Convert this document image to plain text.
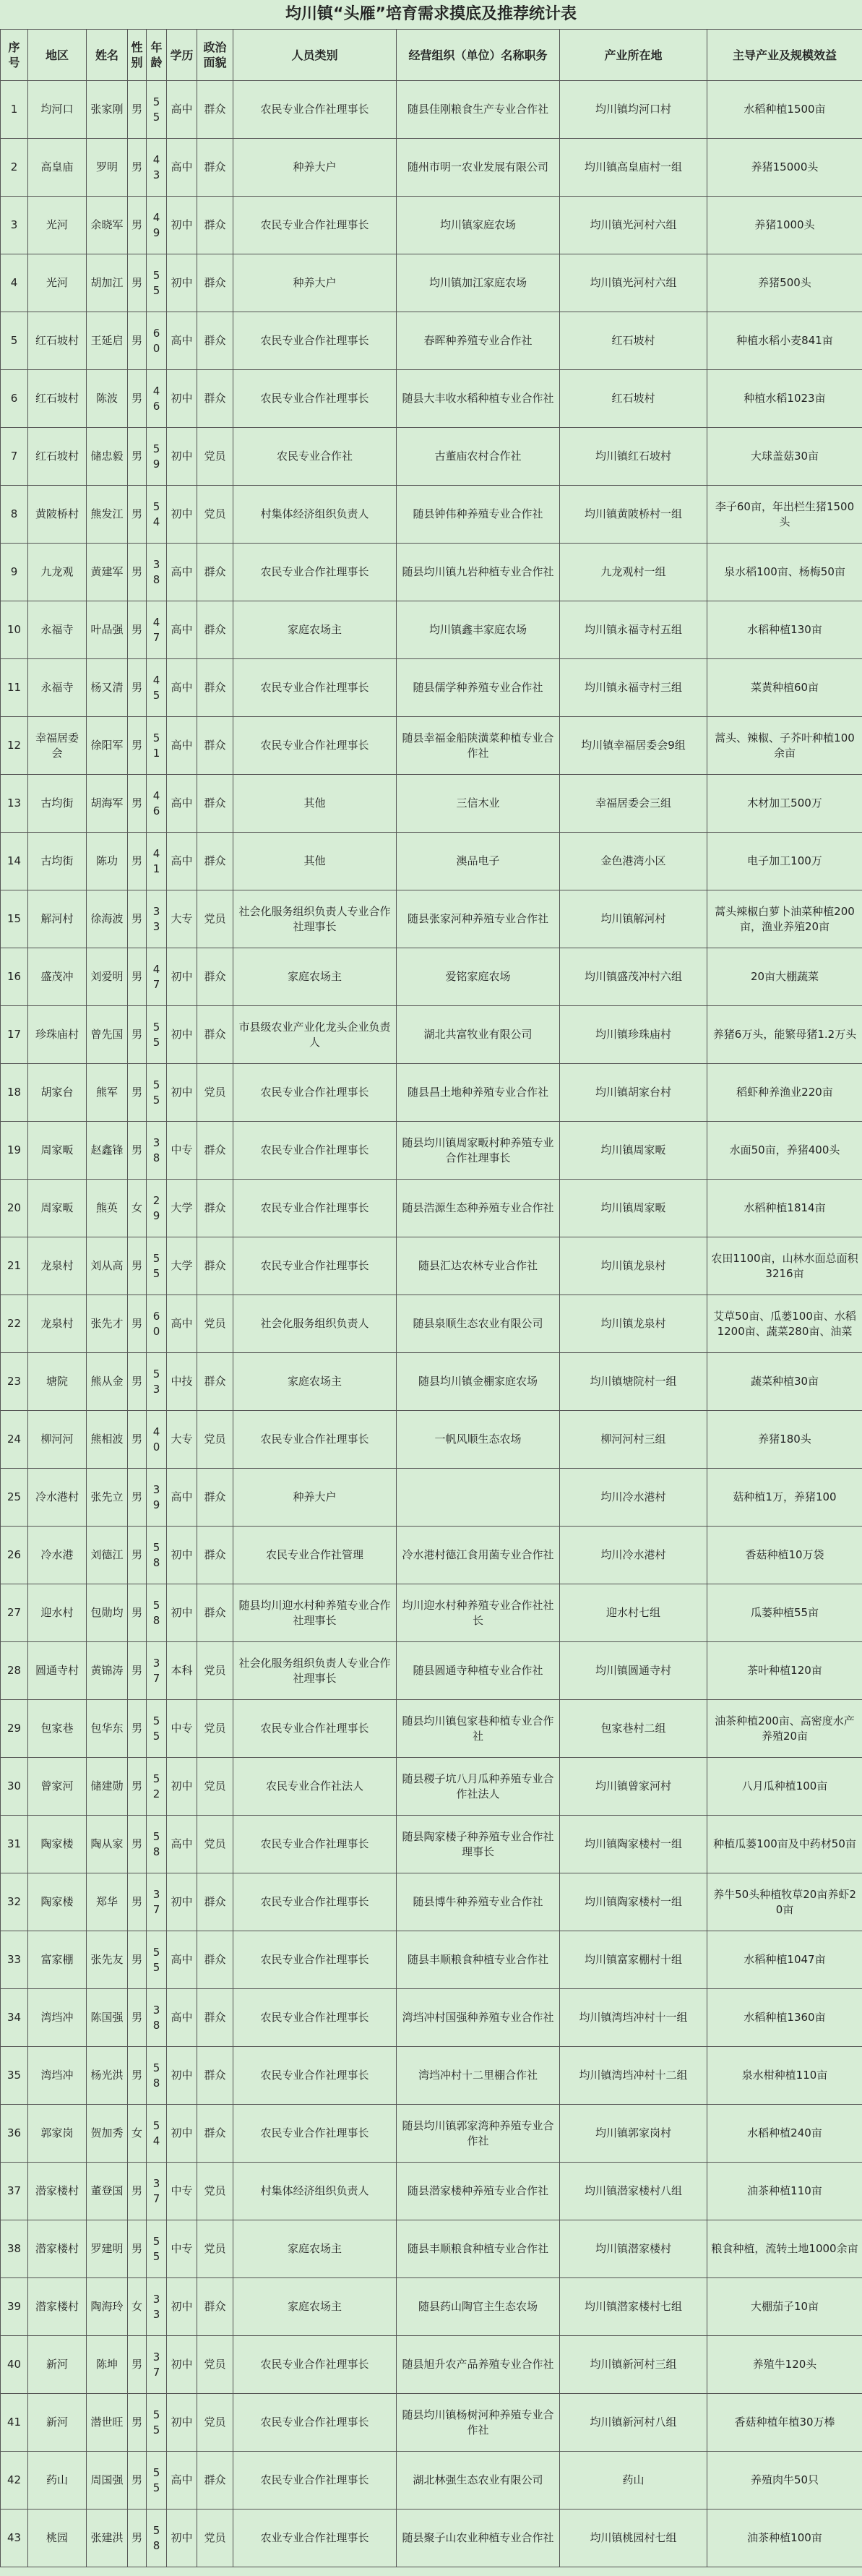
均川镇“头雁”培育需求摸底及推荐统计表
序号	地区	姓名	性别	年龄	学历	政治面貌	人员类别	经营组织（单位）名称职务	产业所在地	主导产业及规模效益
1	均河口	张家刚	男	55	高中	群众	农民专业合作社理事长	随县佳刚粮食生产专业合作社	均川镇均河口村	水稻种植1500亩
2	高皇庙	罗明	男	43	高中	群众	种养大户	随州市明一农业发展有限公司	均川镇高皇庙村一组	养猪15000头
3	光河	余晓军	男	49	初中	群众	农民专业合作社理事长	均川镇家庭农场	均川镇光河村六组	养猪1000头
4	光河	胡加江	男	55	初中	群众	种养大户	均川镇加江家庭农场	均川镇光河村六组	养猪500头
5	红石坡村	王延启	男	60	高中	群众	农民专业合作社理事长	春晖种养殖专业合作社	红石坡村	种植水稻小麦841亩
6	红石坡村	陈波	男	46	初中	群众	农民专业合作社理事长	随县大丰收水稻种植专业合作社	红石坡村	种植水稻1023亩
7	红石坡村	储忠毅	男	59	初中	党员	农民专业合作社	古董庙农村合作社	均川镇红石坡村	大球盖菇30亩
8	黄陂桥村	熊发江	男	54	初中	党员	村集体经济组织负责人	随县钟伟种养殖专业合作社	均川镇黄陂桥村一组	李子60亩，年出栏生猪1500头
9	九龙观	黄建军	男	38	高中	群众	农民专业合作社理事长	随县均川镇九岩种植专业合作社	九龙观村一组	泉水稻100亩、杨梅50亩
10	永福寺	叶品强	男	47	高中	群众	家庭农场主	均川镇鑫丰家庭农场	均川镇永福寺村五组	水稻种植130亩
11	永福寺	杨又清	男	45	高中	群众	农民专业合作社理事长	随县儒学种养殖专业合作社	均川镇永福寺村三组	菜黄种植60亩
12	幸福居委会	徐阳军	男	51	高中	群众	农民专业合作社理事长	随县幸福金船陕潢菜种植专业合作社	均川镇幸福居委会9组	蒿头、辣椒、子芥叶种植100余亩
13	古均街	胡海军	男	46	高中	群众	其他	三信木业	幸福居委会三组	木材加工500万
14	古均街	陈功	男	41	高中	群众	其他	澳品电子	金色港湾小区	电子加工100万
15	解河村	徐海波	男	33	大专	党员	社会化服务组织负责人专业合作社理事长	随县张家河种养殖专业合作社	均川镇解河村	蒿头辣椒白萝卜油菜种植200亩，渔业养殖20亩
16	盛茂冲	刘爱明	男	47	初中	群众	家庭农场主	爱铭家庭农场	均川镇盛茂冲村六组	20亩大棚蔬菜
17	珍珠庙村	曾先国	男	55	初中	群众	市县级农业产业化龙头企业负责人	湖北共富牧业有限公司	均川镇珍珠庙村	养猪6万头，能繁母猪1.2万头
18	胡家台	熊军	男	55	初中	党员	农民专业合作社理事长	随县昌土地种养殖专业合作社	均川镇胡家台村	稻虾种养渔业220亩
19	周家畈	赵鑫锋	男	38	中专	群众	农民专业合作社理事长	随县均川镇周家畈村种养殖专业合作社理事长	均川镇周家畈	水面50亩，养猪400头
20	周家畈	熊英	女	29	大学	群众	农民专业合作社理事长	随县浩源生态种养殖专业合作社	均川镇周家畈	水稻种植1814亩
21	龙泉村	刘从高	男	55	大学	群众	农民专业合作社理事长	随县汇达农林专业合作社	均川镇龙泉村	农田1100亩，山林水面总面积3216亩
22	龙泉村	张先才	男	60	高中	党员	社会化服务组织负责人	随县泉顺生态农业有限公司	均川镇龙泉村	艾草50亩、瓜蒌100亩、水稻1200亩、蔬菜280亩、油菜
23	塘院	熊从金	男	53	中技	群众	家庭农场主	随县均川镇金棚家庭农场	均川镇塘院村一组	蔬菜种植30亩
24	柳河河	熊相波	男	40	大专	党员	农民专业合作社理事长	一帆风顺生态农场	柳河河村三组	养猪180头
25	冷水港村	张先立	男	39	高中	群众	种养大户		均川冷水港村	菇种植1万，养猪100
26	冷水港	刘德江	男	58	初中	群众	农民专业合作社管理	冷水港村德江食用菌专业合作社	均川冷水港村	香菇种植10万袋
27	迎水村	包勋均	男	58	初中	群众	随县均川迎水村种养殖专业合作社理事长	均川迎水村种养殖专业合作社社长	迎水村七组	瓜蒌种植55亩
28	圆通寺村	黄锦涛	男	37	本科	党员	社会化服务组织负责人专业合作社理事长	随县圆通寺种植专业合作社	均川镇圆通寺村	茶叶种植120亩
29	包家巷	包华东	男	55	中专	党员	农民专业合作社理事长	随县均川镇包家巷种植专业合作社	包家巷村二组	油茶种植200亩、高密度水产养殖20亩
30	曾家河	储建勋	男	52	初中	党员	农民专业合作社法人	随县稷子坑八月瓜种养殖专业合作社法人	均川镇曾家河村	八月瓜种植100亩
31	陶家楼	陶从家	男	58	高中	党员	农民专业合作社理事长	随县陶家楼子种养殖专业合作社理事长	均川镇陶家楼村一组	种植瓜蒌100亩及中药材50亩
32	陶家楼	郑华	男	37	初中	群众	农民专业合作社理事长	随县博牛种养殖专业合作社	均川镇陶家楼村一组	养牛50头种植牧草20亩养虾20亩
33	富家棚	张先友	男	55	高中	群众	农民专业合作社理事长	随县丰顺粮食种植专业合作社	均川镇富家棚村十组	水稻种植1047亩
34	湾垱冲	陈国强	男	38	高中	群众	农民专业合作社理事长	湾垱冲村国强种养殖专业合作社	均川镇湾垱冲村十一组	水稻种植1360亩
35	湾垱冲	杨光洪	男	58	初中	群众	农民专业合作社理事长	湾垱冲村十二里棚合作社	均川镇湾垱冲村十二组	泉水柑种植110亩
36	郭家岗	贺加秀	女	54	初中	群众	农民专业合作社理事长	随县均川镇郭家湾种养殖专业合作社	均川镇郭家岗村	水稻种植240亩
37	潜家楼村	董登国	男	37	中专	党员	村集体经济组织负责人	随县潜家楼种养殖专业合作社	均川镇潜家楼村八组	油茶种植110亩
38	潜家楼村	罗建明	男	55	中专	党员	家庭农场主	随县丰顺粮食种植专业合作社	均川镇潜家楼村	粮食种植，流转土地1000余亩
39	潜家楼村	陶海玲	女	33	初中	群众	家庭农场主	随县药山陶官主生态农场	均川镇潜家楼村七组	大棚茄子10亩
40	新河	陈坤	男	37	初中	党员	农民专业合作社理事长	随县旭升农产品养殖专业合作社	均川镇新河村三组	养殖牛120头
41	新河	潜世旺	男	55	初中	党员	农民专业合作社理事长	随县均川镇杨树河种养殖专业合作社	均川镇新河村八组	香菇种植年植30万棒
42	药山	周国强	男	55	高中	群众	农民专业合作社理事长	湖北林强生态农业有限公司	药山	养殖肉牛50只
43	桃园	张建洪	男	58	初中	党员	农业专业合作社理事长	随县聚子山农业种植专业合作社	均川镇桃园村七组	油茶种植100亩
